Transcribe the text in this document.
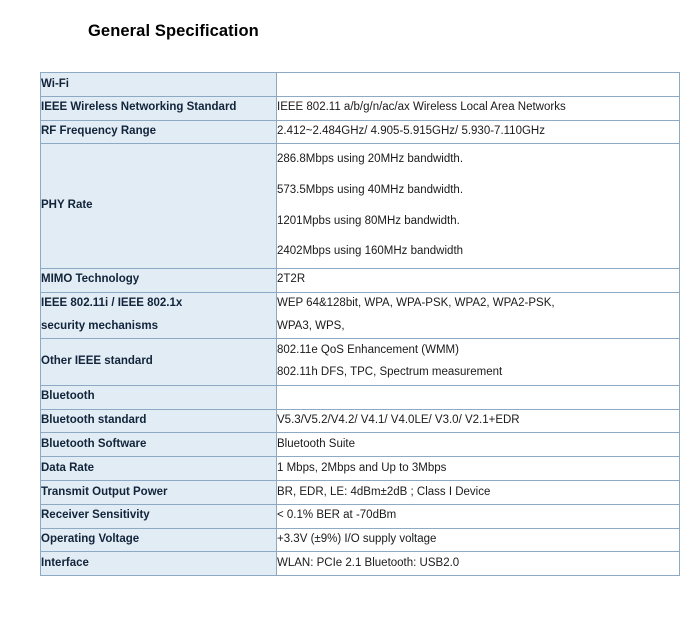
General Specification
Wi-Fi	

IEEE Wireless Networking Standard	IEEE 802.11 a/b/g/n/ac/ax Wireless Local Area Networks

RF Frequency Range	2.412~2.484GHz/ 4.905-5.915GHz/ 5.930-7.110GHz

PHY Rate	286.8Mbps using 20MHz bandwidth.
573.5Mbps using 40MHz bandwidth.
1201Mpbs using 80MHz bandwidth.
2402Mbps using 160MHz bandwidth

MIMO Technology	2T2R

IEEE 802.11i / IEEE 802.1x
security mechanisms	WEP 64&128bit, WPA, WPA-PSK, WPA2, WPA2-PSK,
WPA3, WPS,

Other IEEE standard	802.11e QoS Enhancement (WMM)
802.11h DFS, TPC, Spectrum measurement

Bluetooth	

Bluetooth standard	V5.3/V5.2/V4.2/ V4.1/ V4.0LE/ V3.0/ V2.1+EDR

Bluetooth Software	Bluetooth Suite

Data Rate	1 Mbps, 2Mbps and Up to 3Mbps

Transmit Output Power	BR, EDR, LE: 4dBm±2dB ; Class I Device

Receiver Sensitivity	< 0.1% BER at -70dBm

Operating Voltage	+3.3V (±9%) I/O supply voltage

Interface	WLAN: PCIe 2.1 Bluetooth: USB2.0
